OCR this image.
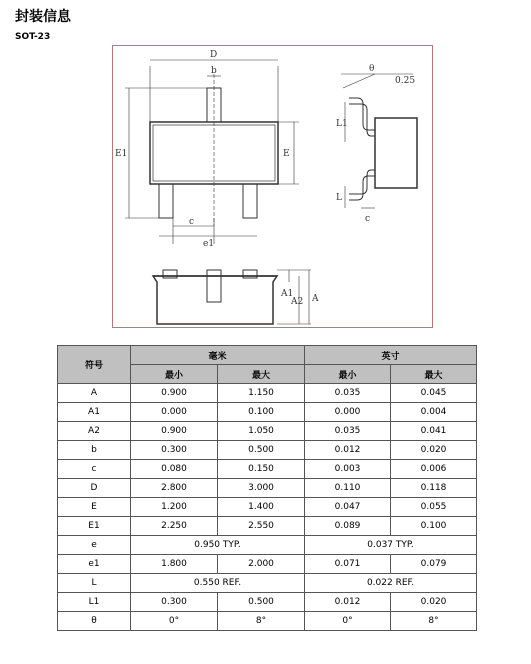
封装信息
SOT-23
D
b
E1	E
c
e1
θ
0.25
L1
L
c
A1
A2 A
符号	毫米		英寸	
	最小	最大	最小	最大
A	0.900	1.150	0.035	0.045
A1	0.000	0.100	0.000	0.004
A2	0.900	1.050	0.035	0.041
b	0.300	0.500	0.012	0.020
c	0.080	0.150	0.003	0.006
D	2.800	3.000	0.110	0.118
E	1.200	1.400	0.047	0.055
E1	2.250	2.550	0.089	0.100
e	0.950 TYP.		0.037 TYP.	
e1	1.800	2.000	0.071	0.079
L	0.550 REF.		0.022 REF.	
L1	0.300	0.500	0.012	0.020
θ	0°	8°	0°	8°
